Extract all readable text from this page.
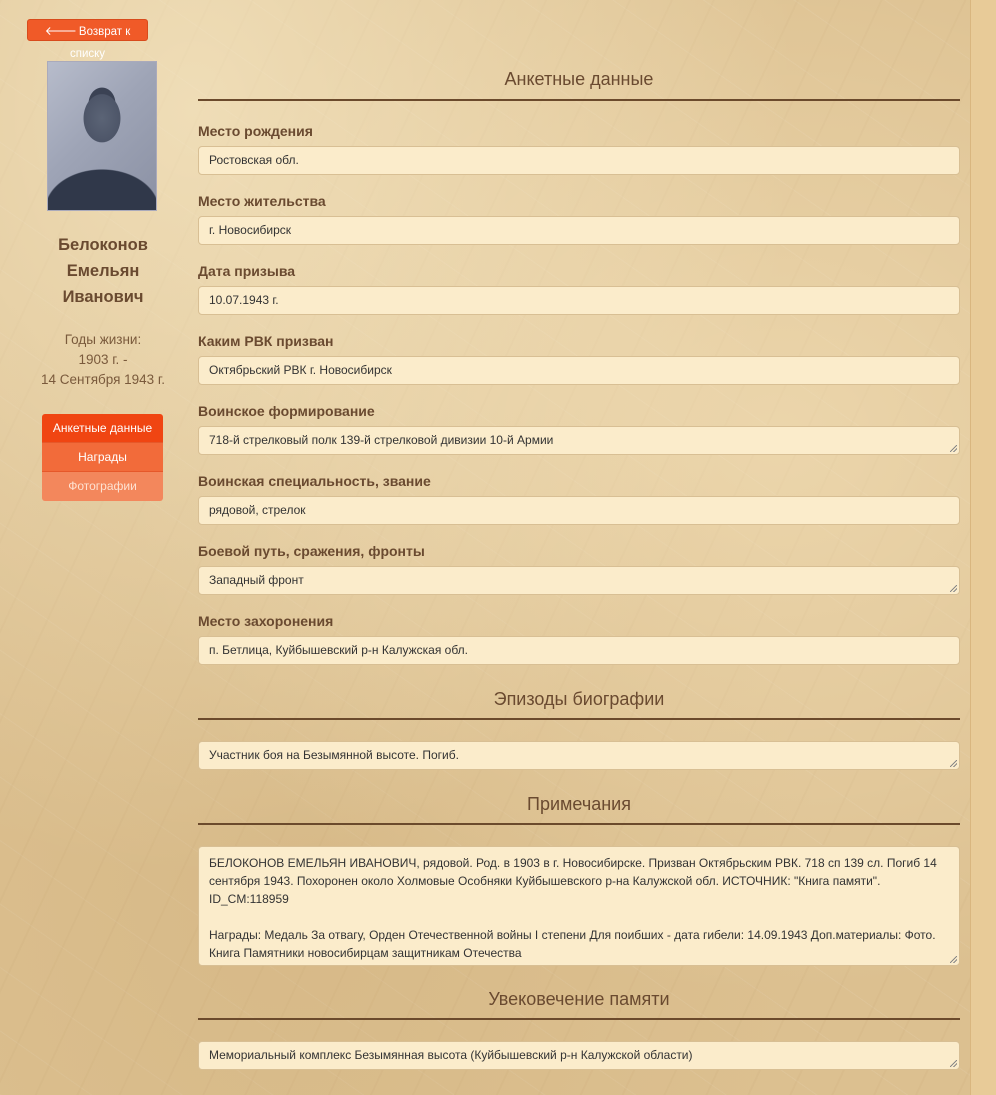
🡐 Возврат к списку
Белоконов
Емельян
Иванович
Годы жизни:
1903 г. -
14 Сентября 1943 г.
Анкетные данные
Награды
Фотографии
Анкетные данные
Место рождения
Ростовская обл.
Место жительства
г. Новосибирск
Дата призыва
10.07.1943 г.
Каким РВК призван
Октябрьский РВК г. Новосибирск
Воинское формирование
718-й стрелковый полк 139-й стрелковой дивизии 10-й Армии
Воинская специальность, звание
рядовой, стрелок
Боевой путь, сражения, фронты
Западный фронт
Место захоронения
п. Бетлица, Куйбышевский р-н Калужская обл.
Эпизоды биографии
Участник боя на Безымянной высоте. Погиб.
Примечания
БЕЛОКОНОВ ЕМЕЛЬЯН ИВАНОВИЧ, рядовой. Род. в 1903 в г. Новосибирске. Призван Октябрьским РВК. 718 сп 139 сл. Погиб 14 сентября 1943. Похоронен около Холмовые Особняки Куйбышевского р-на Калужской обл. ИСТОЧНИК: "Книга памяти". ID_CM:118959
Награды: Медаль За отвагу, Орден Отечественной войны I степени Для поибших - дата гибели: 14.09.1943 Доп.материалы: Фото. Книга Памятники новосибирцам защитникам Отечества
Увековечение памяти
Мемориальный комплекс Безымянная высота (Куйбышевский р-н Калужской области)
